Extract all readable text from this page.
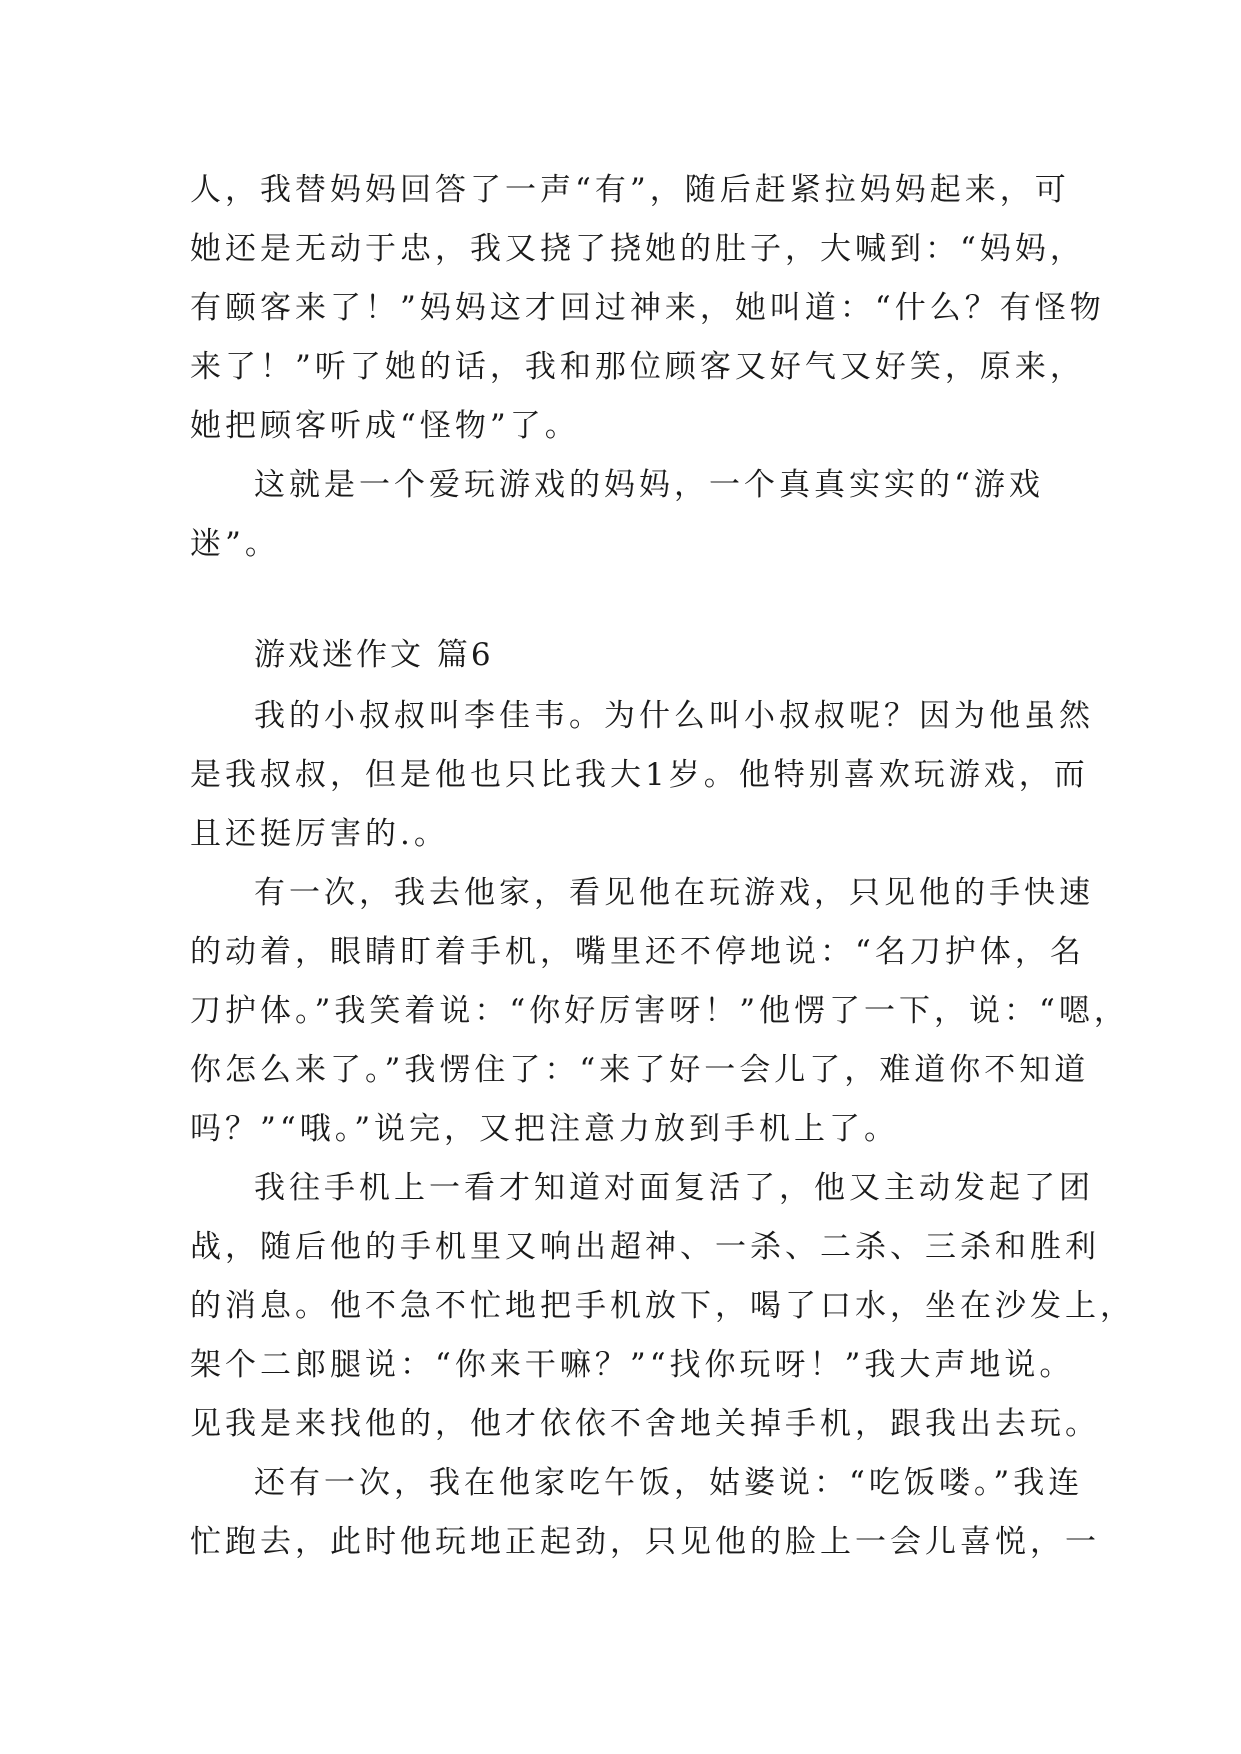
人，我替妈妈回答了一声“有”，随后赶紧拉妈妈起来，可
她还是无动于忠，我又挠了挠她的肚子，大喊到：“妈妈，
有颐客来了！”妈妈这才回过神来，她叫道：“什么？有怪物
来了！”听了她的话，我和那位顾客又好气又好笑，原来，
她把顾客听成“怪物”了。
这就是一个爱玩游戏的妈妈，一个真真实实的“游戏
迷”。
游戏迷作文 篇6
我的小叔叔叫李佳韦。为什么叫小叔叔呢？因为他虽然
是我叔叔，但是他也只比我大1岁。他特别喜欢玩游戏，而
且还挺厉害的.。
有一次，我去他家，看见他在玩游戏，只见他的手快速
的动着，眼睛盯着手机，嘴里还不停地说：“名刀护体，名
刀护体。”我笑着说：“你好厉害呀！”他愣了一下，说：“嗯，
你怎么来了。”我愣住了：“来了好一会儿了，难道你不知道
吗？”“哦。”说完，又把注意力放到手机上了。
我往手机上一看才知道对面复活了，他又主动发起了团
战，随后他的手机里又响出超神、一杀、二杀、三杀和胜利
的消息。他不急不忙地把手机放下，喝了口水，坐在沙发上，
架个二郎腿说：“你来干嘛？”“找你玩呀！”我大声地说。
见我是来找他的，他才依依不舍地关掉手机，跟我出去玩。
还有一次，我在他家吃午饭，姑婆说：“吃饭喽。”我连
忙跑去，此时他玩地正起劲，只见他的脸上一会儿喜悦，一
